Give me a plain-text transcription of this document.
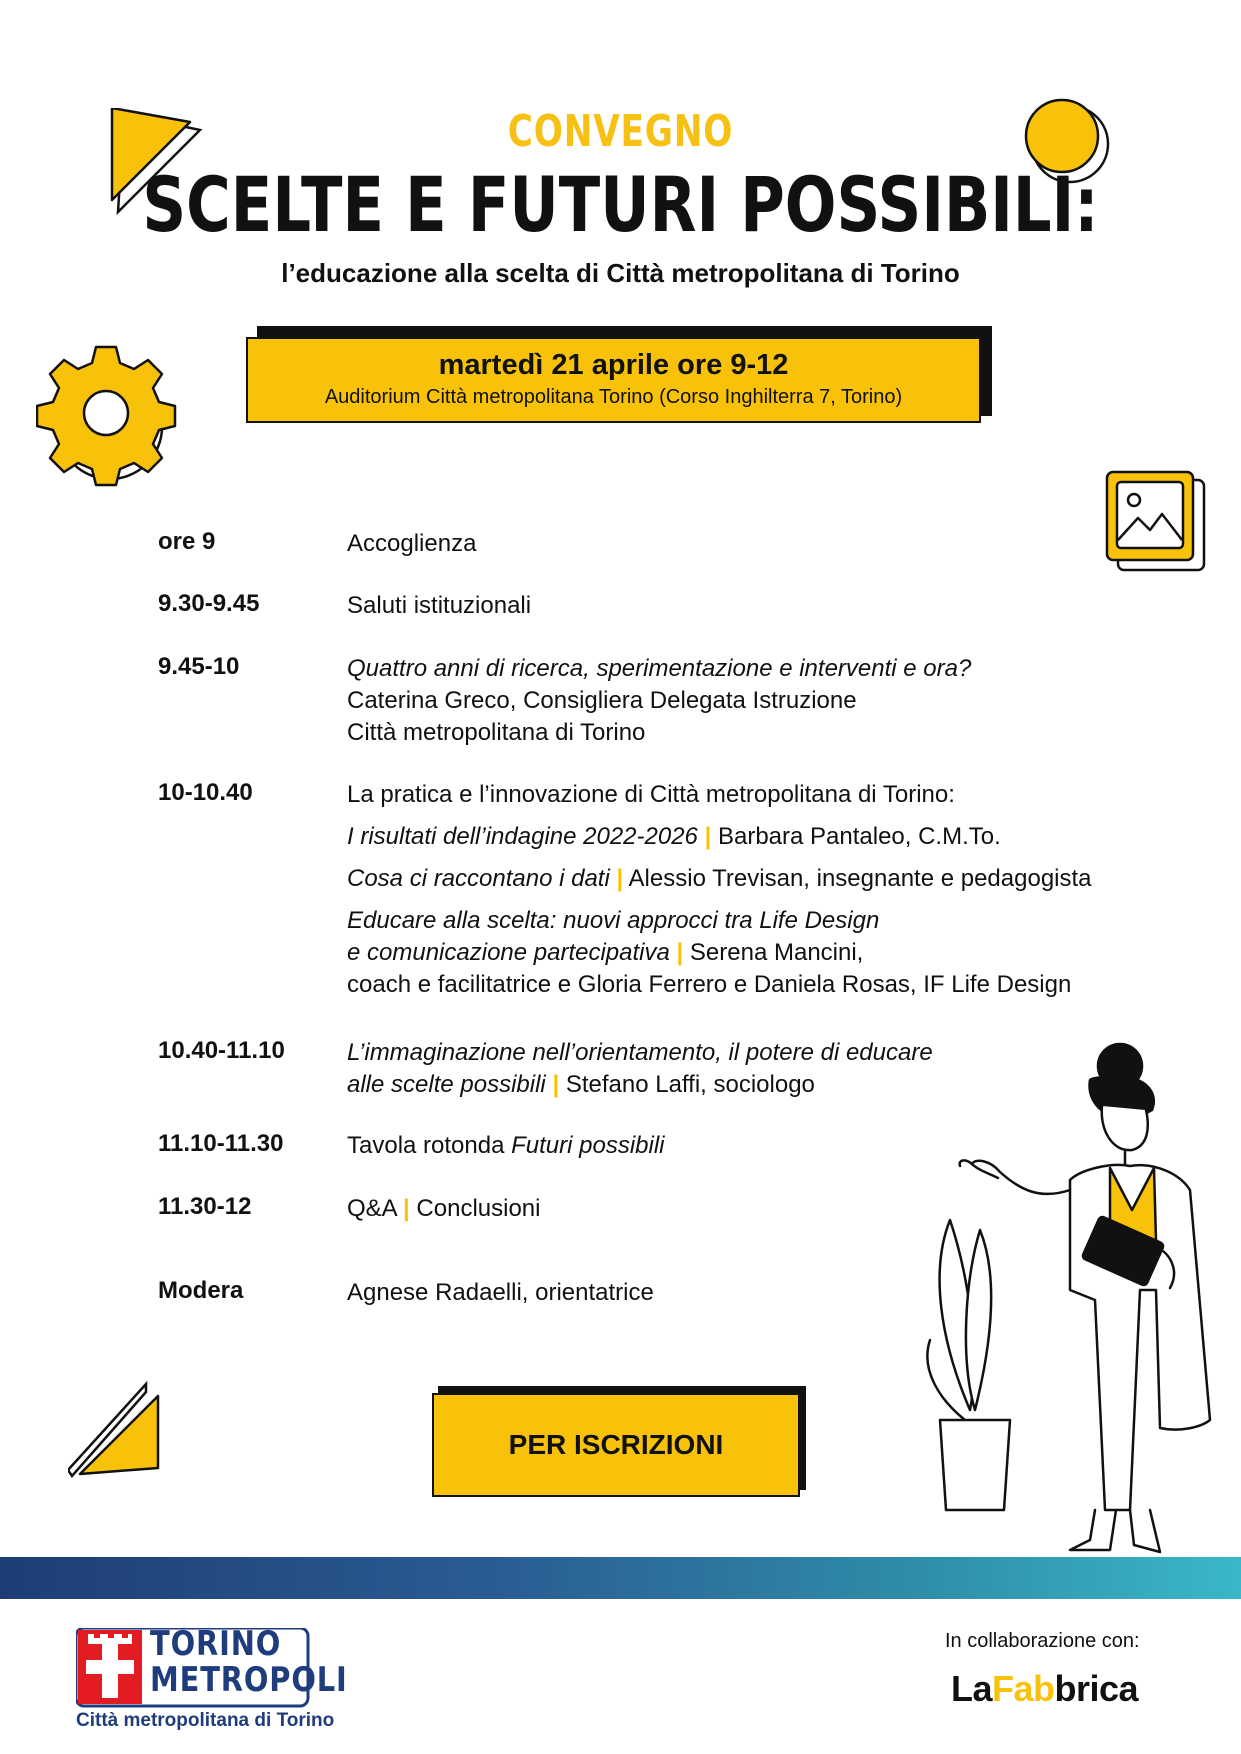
CONVEGNO
SCELTE E FUTURI POSSIBILI:
l’educazione alla scelta di Città metropolitana di Torino
martedì 21 aprile ore 9-12
Auditorium Città metropolitana Torino (Corso Inghilterra 7, Torino)
ore 9	Accoglienza

9.30-9.45	Saluti istituzionali

9.45-10	Quattro anni di ricerca, sperimentazione e interventi e ora?

Caterina Greco, Consigliera Delegata Istruzione

Città metropolitana di Torino

10-10.40	La pratica e l’innovazione di Città metropolitana di Torino:

I risultati dell’indagine 2022-2026 | Barbara Pantaleo, C.M.To.

Cosa ci raccontano i dati | Alessio Trevisan, insegnante e pedagogista

Educare alla scelta: nuovi approcci tra Life Design

e comunicazione partecipativa | Serena Mancini,

coach e facilitatrice e Gloria Ferrero e Daniela Rosas, IF Life Design

10.40-11.10	L’immaginazione nell’orientamento, il potere di educare

alle scelte possibili | Stefano Laffi, sociologo

11.10-11.30	Tavola rotonda Futuri possibili

11.30-12	Q&A | Conclusioni

Modera	Agnese Radaelli, orientatrice

PER ISCRIZIONI
TORINO
METROPOLI
Città metropolitana di Torino
In collaborazione con:
LaFabbrica
